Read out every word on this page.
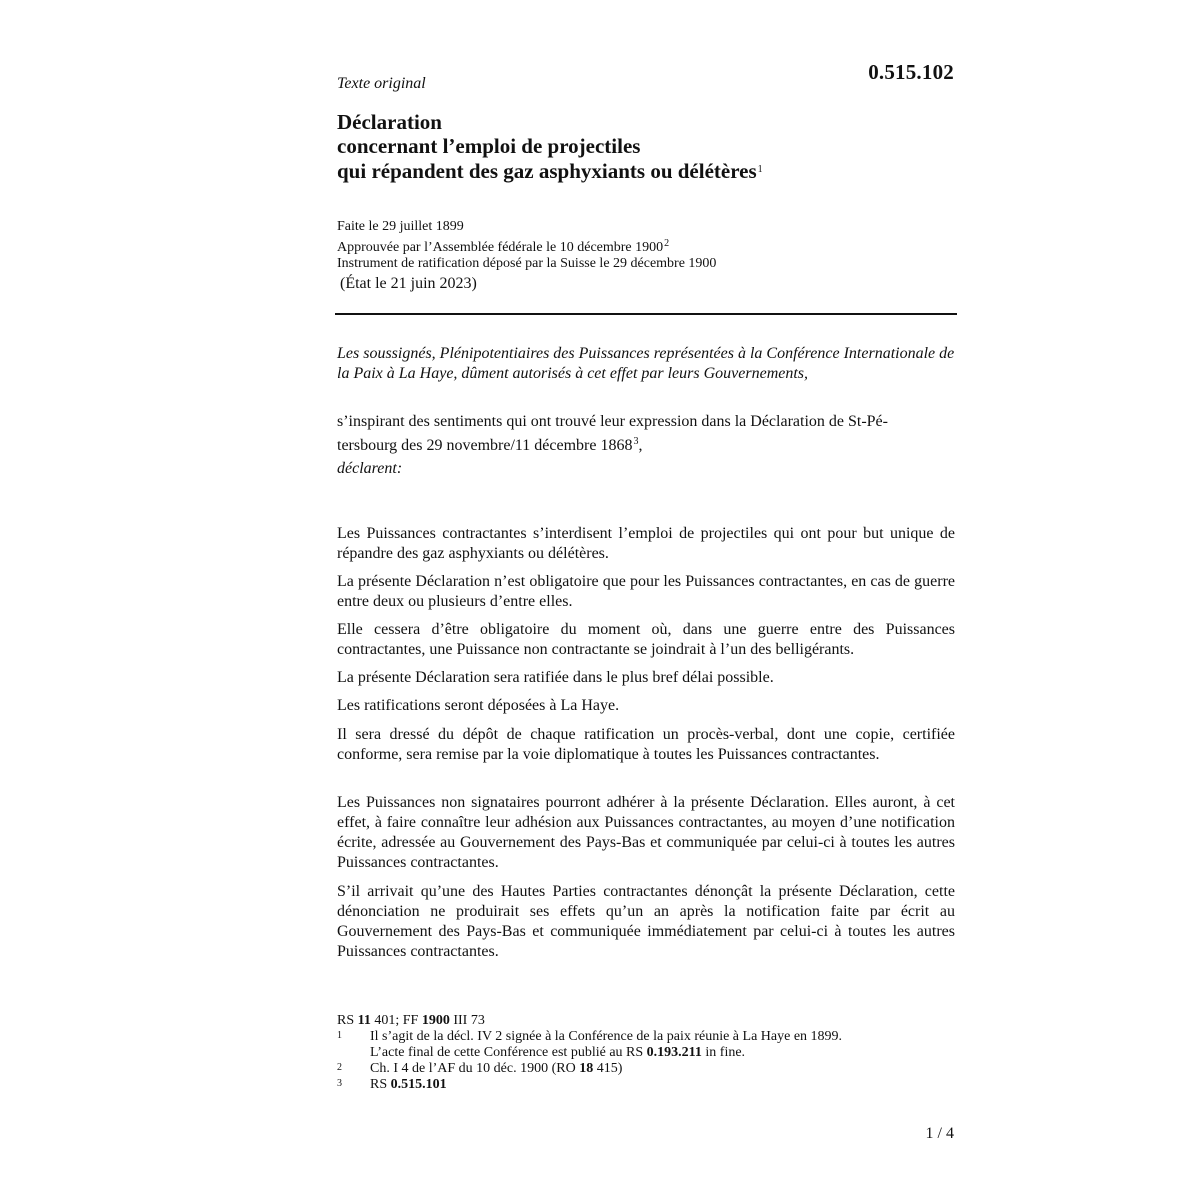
0.515.102
Texte original
Déclaration
concernant l’emploi de projectiles
qui répandent des gaz asphyxiants ou délétères$^1$
Faite le 29 juillet 1899
Approuvée par l’Assemblée fédérale le 10 décembre 1900$^2$
Instrument de ratification déposé par la Suisse le 29 décembre 1900
(État le 21 juin 2023)
Les soussignés, Plénipotentiaires des Puissances représentées à la Conférence Internationale de la Paix à La Haye, dûment autorisés à cet effet par leurs Gouvernements,
s’inspirant des sentiments qui ont trouvé leur expression dans la Déclaration de St-Pé-
tersbourg des 29 novembre/11 décembre 1868$^3$,
déclarent:
Les Puissances contractantes s’interdisent l’emploi de projectiles qui ont pour but unique de répandre des gaz asphyxiants ou délétères.
La présente Déclaration n’est obligatoire que pour les Puissances contractantes, en cas de guerre entre deux ou plusieurs d’entre elles.
Elle cessera d’être obligatoire du moment où, dans une guerre entre des Puissances contractantes, une Puissance non contractante se joindrait à l’un des belligérants.
La présente Déclaration sera ratifiée dans le plus bref délai possible.
Les ratifications seront déposées à La Haye.
Il sera dressé du dépôt de chaque ratification un procès-verbal, dont une copie, certifiée conforme, sera remise par la voie diplomatique à toutes les Puissances contractantes.
Les Puissances non signataires pourront adhérer à la présente Déclaration. Elles auront, à cet effet, à faire connaître leur adhésion aux Puissances contractantes, au moyen d’une notification écrite, adressée au Gouvernement des Pays-Bas et communiquée par celui-ci à toutes les autres Puissances contractantes.
S’il arrivait qu’une des Hautes Parties contractantes dénonçât la présente Déclaration, cette dénonciation ne produirait ses effets qu’un an après la notification faite par écrit au Gouvernement des Pays-Bas et communiquée immédiatement par celui-ci à toutes les autres Puissances contractantes.
RS 11 401; FF 1900 III 73
1	Il s’agit de la décl. IV 2 signée à la Conférence de la paix réunie à La Haye en 1899.
L’acte final de cette Conférence est publié au RS 0.193.211 in fine.
2	Ch. I 4 de l’AF du 10 déc. 1900 (RO 18 415)
3	RS 0.515.101
1 / 4
